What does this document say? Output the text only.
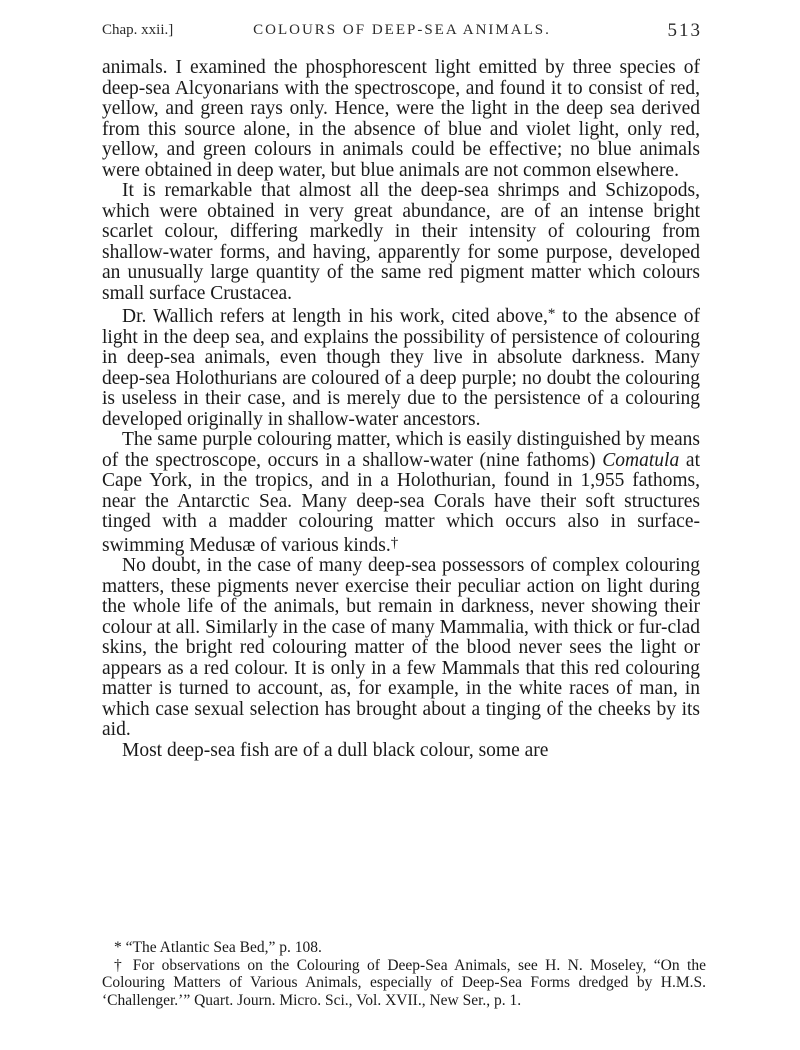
Chap. xxii.]	COLOURS OF DEEP-SEA ANIMALS.	513

animals. I examined the phosphorescent light emitted by three species of deep-sea Alcyonarians with the spectroscope, and found it to consist of red, yellow, and green rays only. Hence, were the light in the deep sea derived from this source alone, in the absence of blue and violet light, only red, yellow, and green colours in animals could be effective; no blue animals were obtained in deep water, but blue animals are not common elsewhere.

It is remarkable that almost all the deep-sea shrimps and Schizopods, which were obtained in very great abundance, are of an intense bright scarlet colour, differing markedly in their intensity of colouring from shallow-water forms, and having, apparently for some purpose, developed an unusually large quantity of the same red pigment matter which colours small surface Crustacea.

Dr. Wallich refers at length in his work, cited above,* to the absence of light in the deep sea, and explains the possibility of persistence of colouring in deep-sea animals, even though they live in absolute darkness. Many deep-sea Holothurians are coloured of a deep purple; no doubt the colouring is useless in their case, and is merely due to the persistence of a colouring developed originally in shallow-water ancestors.

The same purple colouring matter, which is easily distinguished by means of the spectroscope, occurs in a shallow-water (nine fathoms) Comatula at Cape York, in the tropics, and in a Holothurian, found in 1,955 fathoms, near the Antarctic Sea. Many deep-sea Corals have their soft structures tinged with a madder colouring matter which occurs also in surface-swimming Medusæ of various kinds.†

No doubt, in the case of many deep-sea possessors of complex colouring matters, these pigments never exercise their peculiar action on light during the whole life of the animals, but remain in darkness, never showing their colour at all. Similarly in the case of many Mammalia, with thick or fur-clad skins, the bright red colouring matter of the blood never sees the light or appears as a red colour. It is only in a few Mammals that this red colouring matter is turned to account, as, for example, in the white races of man, in which case sexual selection has brought about a tinging of the cheeks by its aid.

Most deep-sea fish are of a dull black colour, some are

* “The Atlantic Sea Bed,” p. 108.

† For observations on the Colouring of Deep-Sea Animals, see H. N. Moseley, “On the Colouring Matters of Various Animals, especially of Deep-Sea Forms dredged by H.M.S. ‘Challenger.’” Quart. Journ. Micro. Sci., Vol. XVII., New Ser., p. 1.
